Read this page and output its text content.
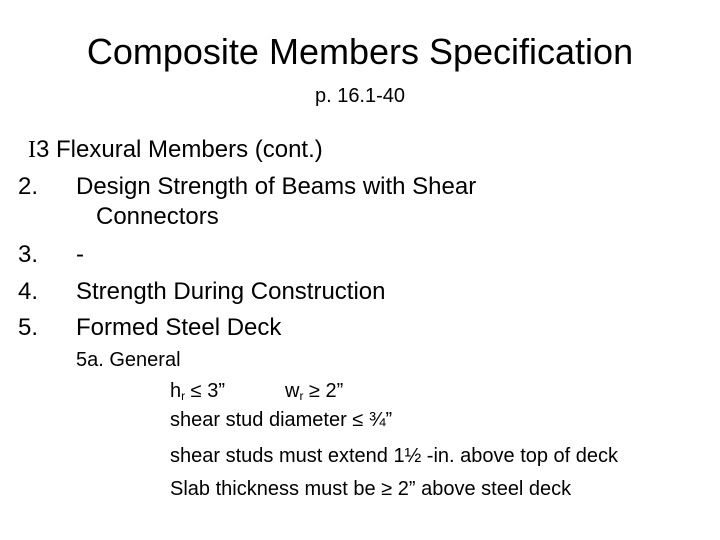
Composite Members Specification
p. 16.1-40
I3 Flexural Members (cont.)
2. Design Strength of Beams with Shear
Connectors
3. -
4. Strength During Construction
5. Formed Steel Deck
5a. General
$h_r \le 3$”	$w_r \ge 2$”
shear stud diameter ≤ ¾”
shear studs must extend 1½ -in. above top of deck
Slab thickness must be ≥ 2” above steel deck
